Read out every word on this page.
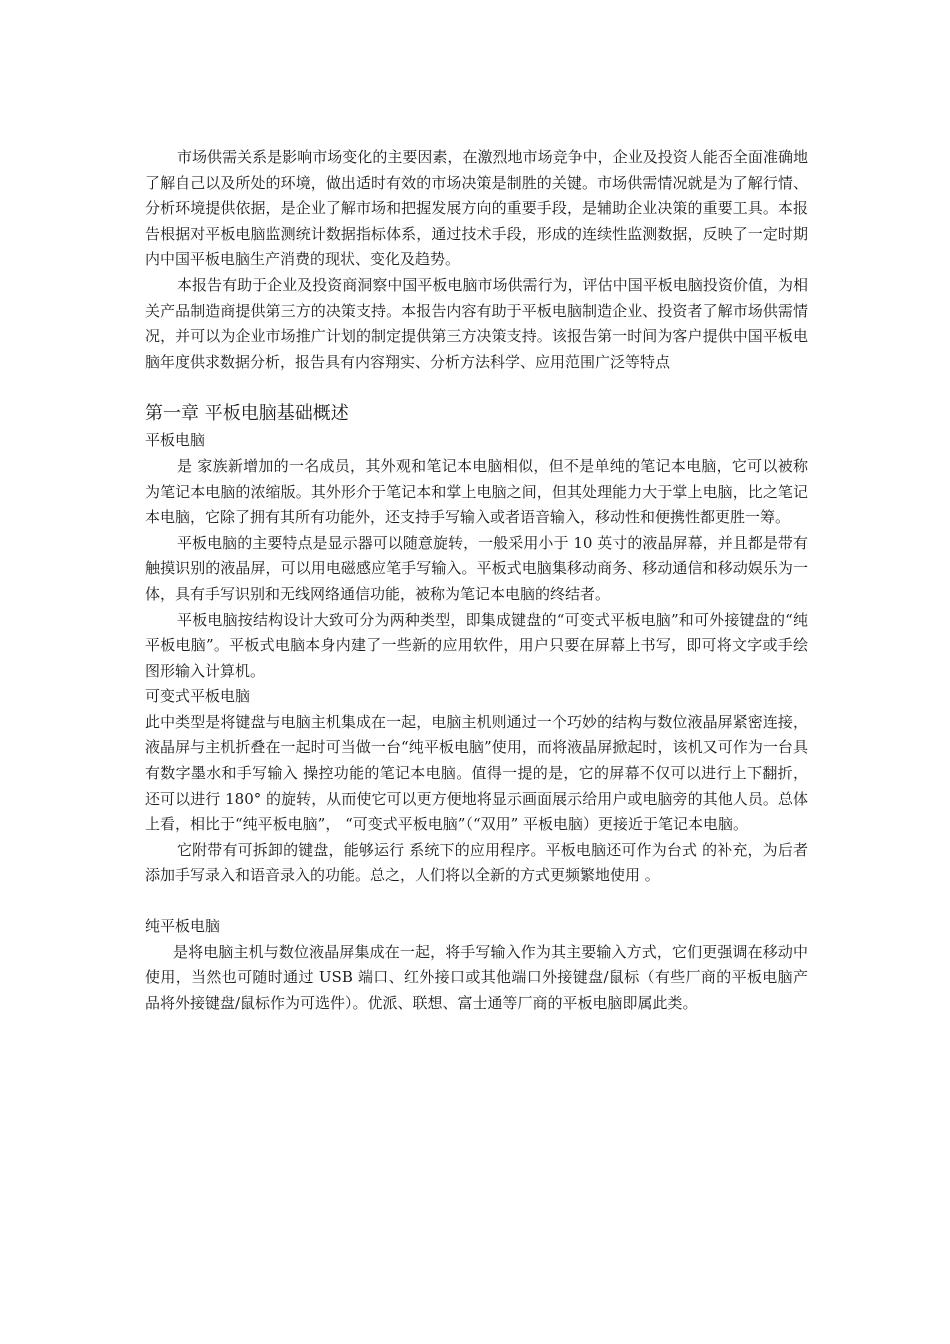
市场供需关系是影响市场变化的主要因素，在激烈地市场竞争中，企业及投资人能否全面准确地了解自己以及所处的环境，做出适时有效的市场决策是制胜的关键。市场供需情况就是为了解行情、分析环境提供依据，是企业了解市场和把握发展方向的重要手段，是辅助企业决策的重要工具。本报告根据对平板电脑监测统计数据指标体系，通过技术手段，形成的连续性监测数据，反映了一定时期内中国平板电脑生产消费的现状、变化及趋势。

本报告有助于企业及投资商洞察中国平板电脑市场供需行为，评估中国平板电脑投资价值，为相关产品制造商提供第三方的决策支持。本报告内容有助于平板电脑制造企业、投资者了解市场供需情况，并可以为企业市场推广计划的制定提供第三方决策支持。该报告第一时间为客户提供中国平板电脑年度供求数据分析，报告具有内容翔实、分析方法科学、应用范围广泛等特点

第一章 平板电脑基础概述
平板电脑

是 家族新增加的一名成员，其外观和笔记本电脑相似，但不是单纯的笔记本电脑，它可以被称为笔记本电脑的浓缩版。其外形介于笔记本和掌上电脑之间，但其处理能力大于掌上电脑，比之笔记本电脑，它除了拥有其所有功能外，还支持手写输入或者语音输入，移动性和便携性都更胜一筹。

平板电脑的主要特点是显示器可以随意旋转，一般采用小于 10 英寸的液晶屏幕，并且都是带有触摸识别的液晶屏，可以用电磁感应笔手写输入。平板式电脑集移动商务、移动通信和移动娱乐为一体，具有手写识别和无线网络通信功能，被称为笔记本电脑的终结者。

平板电脑按结构设计大致可分为两种类型，即集成键盘的“可变式平板电脑”和可外接键盘的“纯平板电脑”。平板式电脑本身内建了一些新的应用软件，用户只要在屏幕上书写，即可将文字或手绘图形输入计算机。

可变式平板电脑

此中类型是将键盘与电脑主机集成在一起，电脑主机则通过一个巧妙的结构与数位液晶屏紧密连接，液晶屏与主机折叠在一起时可当做一台“纯平板电脑”使用，而将液晶屏掀起时，该机又可作为一台具有数字墨水和手写输入 操控功能的笔记本电脑。值得一提的是，它的屏幕不仅可以进行上下翻折，还可以进行 180° 的旋转，从而使它可以更方便地将显示画面展示给用户或电脑旁的其他人员。总体上看，相比于“纯平板电脑”， “可变式平板电脑”（“双用” 平板电脑）更接近于笔记本电脑。

它附带有可拆卸的键盘，能够运行 系统下的应用程序。平板电脑还可作为台式 的补充，为后者添加手写录入和语音录入的功能。总之，人们将以全新的方式更频繁地使用 。

纯平板电脑

是将电脑主机与数位液晶屏集成在一起，将手写输入作为其主要输入方式，它们更强调在移动中使用，当然也可随时通过 USB 端口、红外接口或其他端口外接键盘/鼠标（有些厂商的平板电脑产品将外接键盘/鼠标作为可选件）。优派、联想、富士通等厂商的平板电脑即属此类。
